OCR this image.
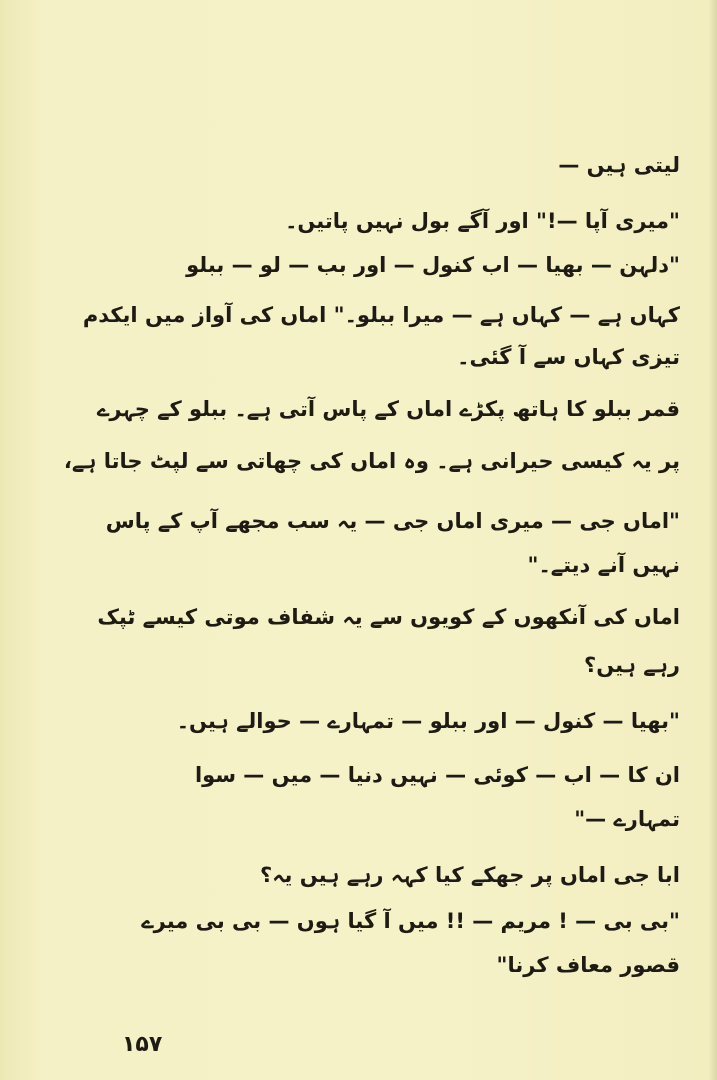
لیتی ہیں —
"میری آپا —!" اور آگے بول نہیں پاتیں۔
"دلہن — بھیا — اب کنول — اور بب — لو — ببلو
کہاں ہے — کہاں ہے — میرا ببلو۔" اماں کی آواز میں ایکدم
تیزی کہاں سے آ گئی۔
قمر ببلو کا ہاتھ پکڑے اماں کے پاس آتی ہے۔ ببلو کے چہرے
پر یہ کیسی حیرانی ہے۔ وہ اماں کی چھاتی سے لپٹ جاتا ہے،
"اماں جی — میری اماں جی — یہ سب مجھے آپ کے پاس
نہیں آنے دیتے۔"
اماں کی آنکھوں کے کویوں سے یہ شفاف موتی کیسے ٹپک
رہے ہیں؟
"بھیا — کنول — اور ببلو — تمہارے — حوالے ہیں۔
ان کا — اب — کوئی — نہیں دنیا — میں — سوا
تمہارے —"
ابا جی اماں پر جھکے کیا کہہ رہے ہیں یہ؟
"بی بی — ! مریم — !! میں آ گیا ہوں — بی بی میرے
قصور معاف کرنا"
۱۵۷
